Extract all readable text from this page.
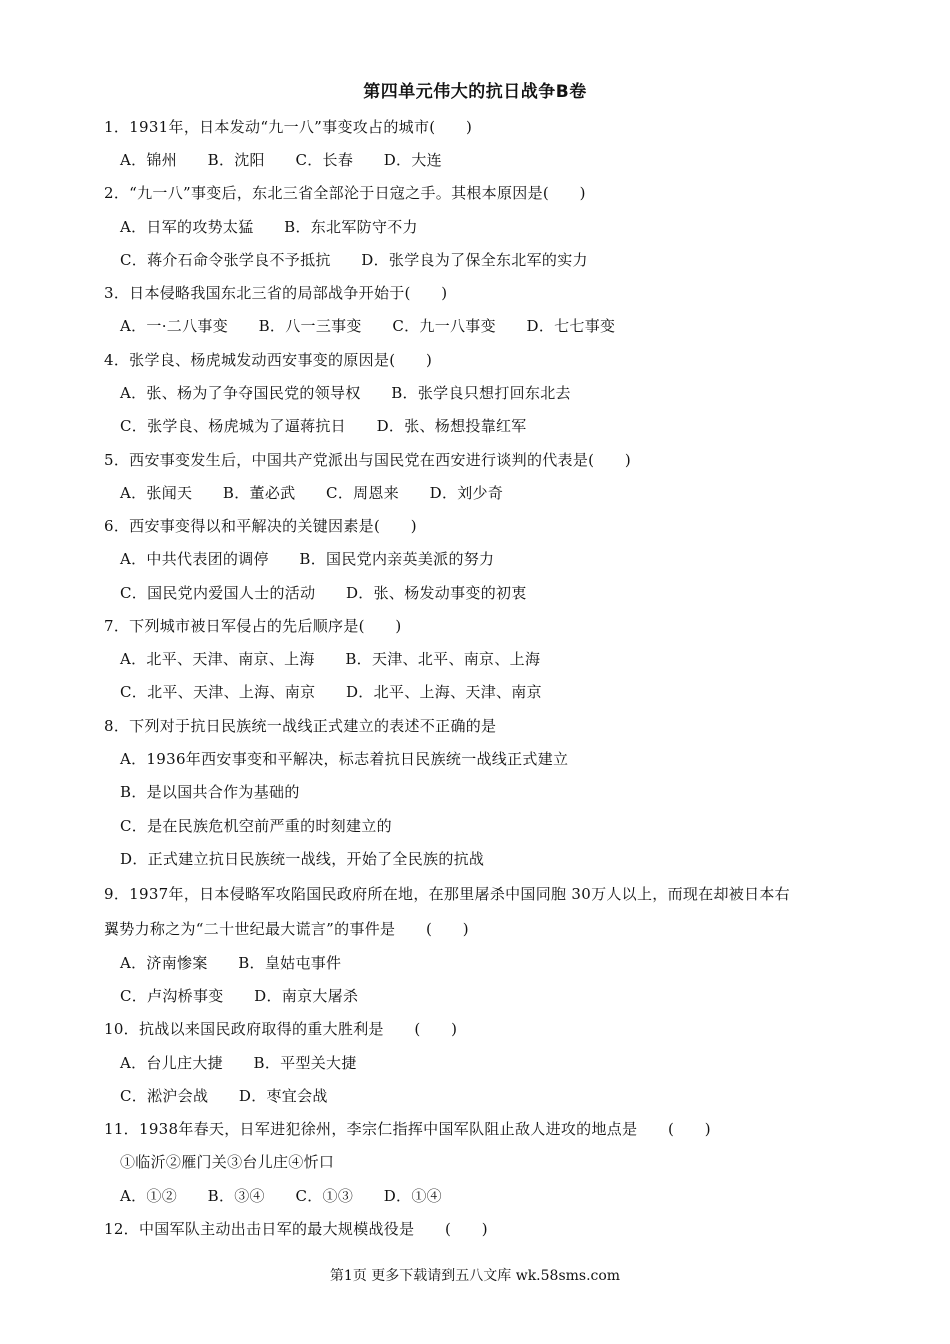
第四单元伟大的抗日战争B卷
1．1931年，日本发动“九一八”事变攻占的城市(　　)
A．锦州　　B．沈阳　　C．长春　　D．大连
2．“九一八”事变后，东北三省全部沦于日寇之手。其根本原因是(　　)
A．日军的攻势太猛　　B．东北军防守不力
C．蒋介石命令张学良不予抵抗　　D．张学良为了保全东北军的实力
3．日本侵略我国东北三省的局部战争开始于(　　)
A．一·二八事变　　B．八一三事变　　C．九一八事变　　D．七七事变
4．张学良、杨虎城发动西安事变的原因是(　　)
A．张、杨为了争夺国民党的领导权　　B．张学良只想打回东北去
C．张学良、杨虎城为了逼蒋抗日　　D．张、杨想投靠红军
5．西安事变发生后，中国共产党派出与国民党在西安进行谈判的代表是(　　)
A．张闻天　　B．董必武　　C．周恩来　　D．刘少奇
6．西安事变得以和平解决的关键因素是(　　)
A．中共代表团的调停　　B．国民党内亲英美派的努力
C．国民党内爱国人士的活动　　D．张、杨发动事变的初衷
7．下列城市被日军侵占的先后顺序是(　　)
A．北平、天津、南京、上海　　B．天津、北平、南京、上海
C．北平、天津、上海、南京　　D．北平、上海、天津、南京
8．下列对于抗日民族统一战线正式建立的表述不正确的是
A．1936年西安事变和平解决，标志着抗日民族统一战线正式建立
B．是以国共合作为基础的
C．是在民族危机空前严重的时刻建立的
D．正式建立抗日民族统一战线，开始了全民族的抗战
9．1937年，日本侵略军攻陷国民政府所在地，在那里屠杀中国同胞 30万人以上，而现在却被日本右
翼势力称之为“二十世纪最大谎言”的事件是　　(　　)
A．济南惨案　　B．皇姑屯事件
C．卢沟桥事变　　D．南京大屠杀
10．抗战以来国民政府取得的重大胜利是　　(　　)
A．台儿庄大捷　　B．平型关大捷
C．淞沪会战　　D．枣宜会战
11．1938年春天，日军进犯徐州，李宗仁指挥中国军队阻止敌人进攻的地点是　　(　　)
①临沂②雁门关③台儿庄④忻口
A．①②　　B．③④　　C．①③　　D．①④
12．中国军队主动出击日军的最大规模战役是　　(　　)
第1页 更多下载请到五八文库 wk.58sms.com
